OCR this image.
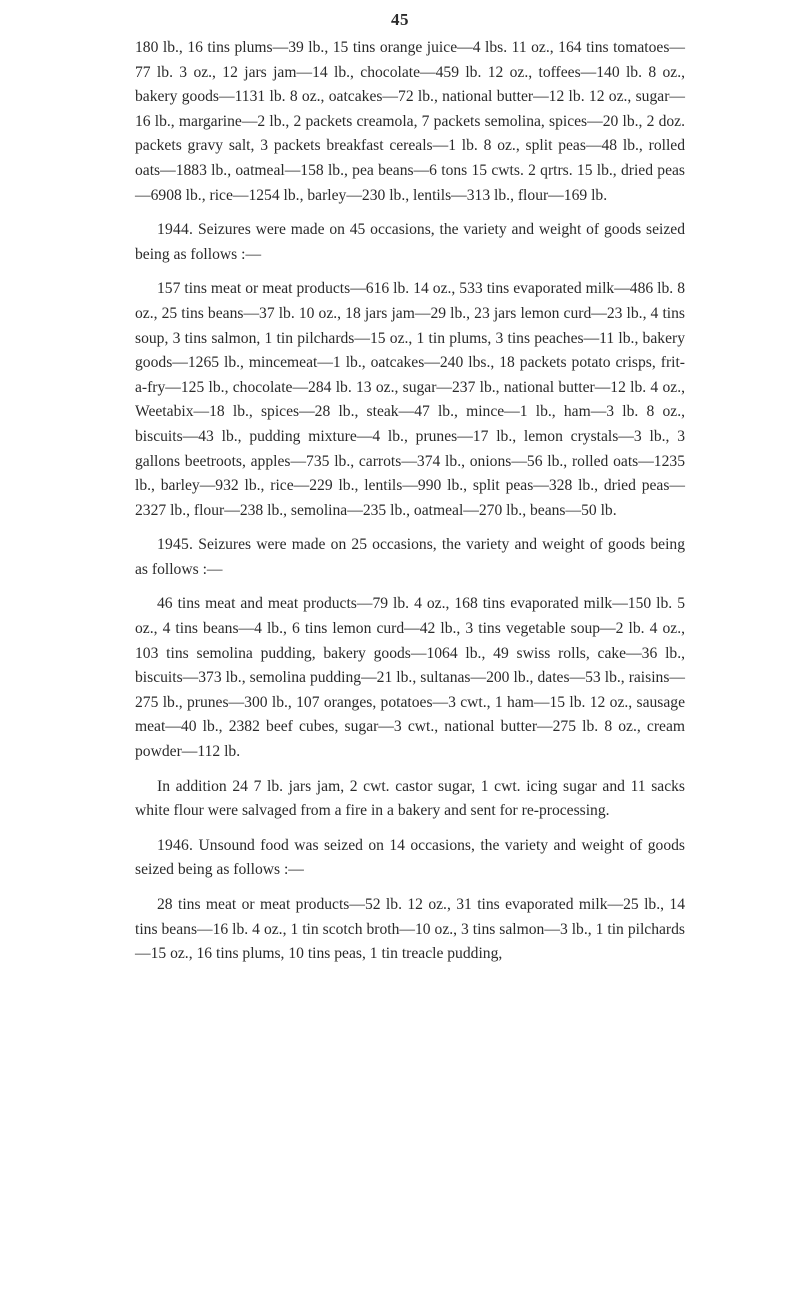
45

180 lb., 16 tins plums—39 lb., 15 tins orange juice—4 lbs. 11 oz., 164 tins tomatoes—77 lb. 3 oz., 12 jars jam—14 lb., chocolate—459 lb. 12 oz., toffees—140 lb. 8 oz., bakery goods—1131 lb. 8 oz., oatcakes—72 lb., national butter—12 lb. 12 oz., sugar—16 lb., margarine—2 lb., 2 packets creamola, 7 packets semolina, spices—20 lb., 2 doz. packets gravy salt, 3 packets breakfast cereals—1 lb. 8 oz., split peas—48 lb., rolled oats—1883 lb., oatmeal—158 lb., pea beans—6 tons 15 cwts. 2 qrtrs. 15 lb., dried peas—6908 lb., rice—1254 lb., barley—230 lb., lentils—313 lb., flour—169 lb.

1944. Seizures were made on 45 occasions, the variety and weight of goods seized being as follows :—

157 tins meat or meat products—616 lb. 14 oz., 533 tins evaporated milk—486 lb. 8 oz., 25 tins beans—37 lb. 10 oz., 18 jars jam—29 lb., 23 jars lemon curd—23 lb., 4 tins soup, 3 tins salmon, 1 tin pilchards—15 oz., 1 tin plums, 3 tins peaches—11 lb., bakery goods—1265 lb., mincemeat—1 lb., oatcakes—240 lbs., 18 packets potato crisps, frit-a-fry—125 lb., chocolate—284 lb. 13 oz., sugar—237 lb., national butter—12 lb. 4 oz., Weetabix—18 lb., spices—28 lb., steak—47 lb., mince—1 lb., ham—3 lb. 8 oz., biscuits—43 lb., pudding mixture—4 lb., prunes—17 lb., lemon crystals—3 lb., 3 gallons beetroots, apples—735 lb., carrots—374 lb., onions—56 lb., rolled oats—1235 lb., barley—932 lb., rice—229 lb., lentils—990 lb., split peas—328 lb., dried peas—2327 lb., flour—238 lb., semolina—235 lb., oatmeal—270 lb., beans—50 lb.

1945. Seizures were made on 25 occasions, the variety and weight of goods being as follows :—

46 tins meat and meat products—79 lb. 4 oz., 168 tins evaporated milk—150 lb. 5 oz., 4 tins beans—4 lb., 6 tins lemon curd—42 lb., 3 tins vegetable soup—2 lb. 4 oz., 103 tins semolina pudding, bakery goods—1064 lb., 49 swiss rolls, cake—36 lb., biscuits—373 lb., semolina pudding—21 lb., sultanas—200 lb., dates—53 lb., raisins—275 lb., prunes—300 lb., 107 oranges, potatoes—3 cwt., 1 ham—15 lb. 12 oz., sausage meat—40 lb., 2382 beef cubes, sugar—3 cwt., national butter—275 lb. 8 oz., cream powder—112 lb.

In addition 24 7 lb. jars jam, 2 cwt. castor sugar, 1 cwt. icing sugar and 11 sacks white flour were salvaged from a fire in a bakery and sent for re-processing.

1946. Unsound food was seized on 14 occasions, the variety and weight of goods seized being as follows :—

28 tins meat or meat products—52 lb. 12 oz., 31 tins evaporated milk—25 lb., 14 tins beans—16 lb. 4 oz., 1 tin scotch broth—10 oz., 3 tins salmon—3 lb., 1 tin pilchards—15 oz., 16 tins plums, 10 tins peas, 1 tin treacle pudding,
